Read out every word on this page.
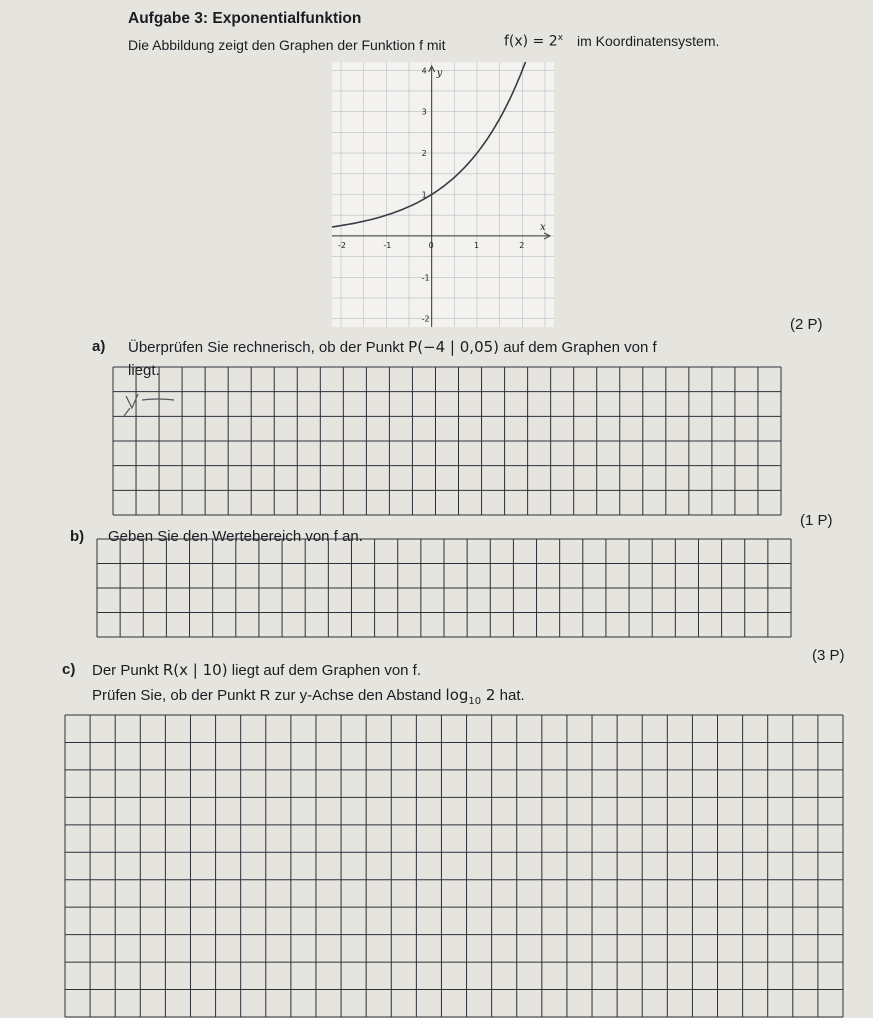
Aufgabe 3: Exponentialfunktion
Die Abbildung zeigt den Graphen der Funktion f mit	$f(x) = 2^x$ im Koordinatensystem.
-2	-1	0	1	2
-2
-1
1
2
3
4
x
y
a) Überprüfen Sie rechnerisch, ob der Punkt P(−4 | 0,05) auf dem Graphen von f
(2 P)
liegt.
(1 P)
b) Geben Sie den Wertebereich von f an.
(3 P)
c) Der Punkt R(x | 10) liegt auf dem Graphen von f.
Prüfen Sie, ob der Punkt R zur y-Achse den Abstand $\log_{10} 2$ hat.
